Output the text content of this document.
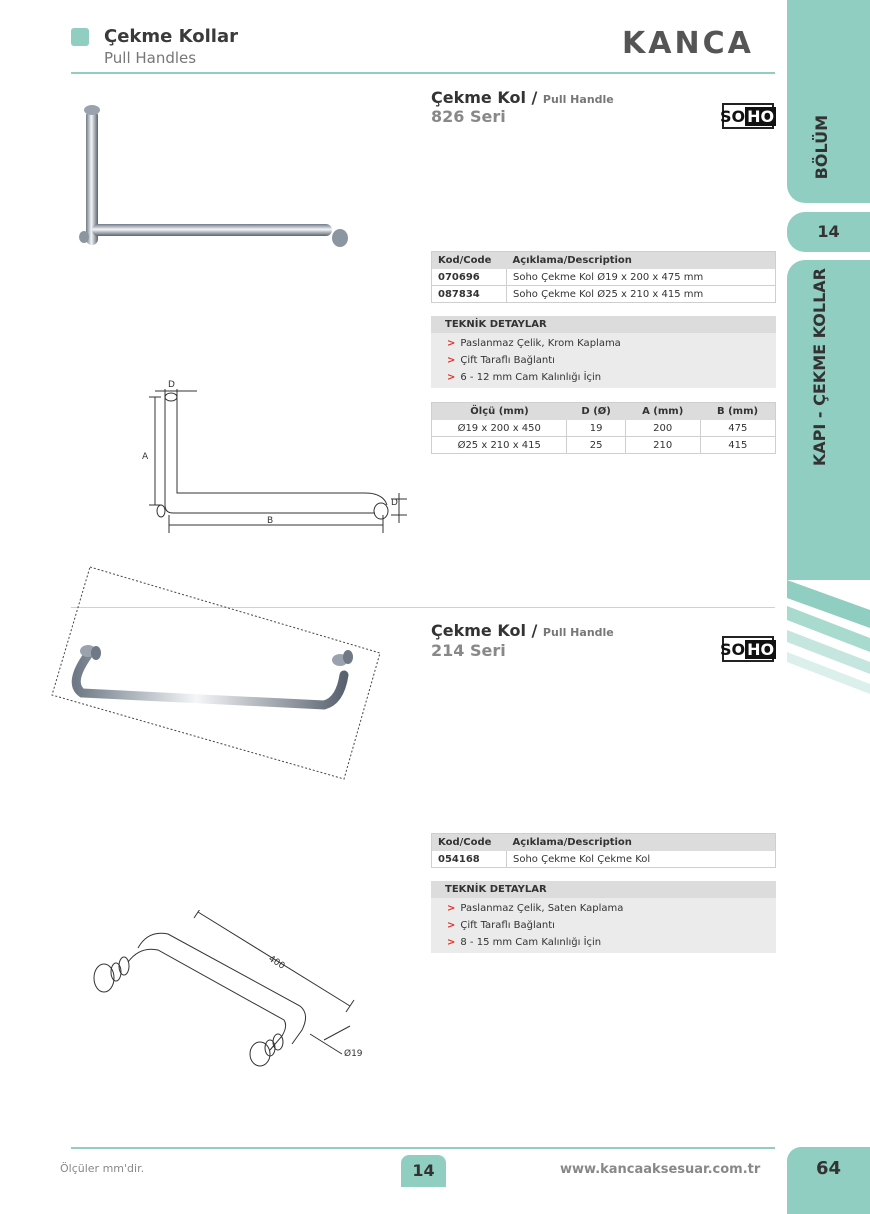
Çekme Kollar
Pull Handles	KANCA
BÖLÜM
14
KAPI - ÇEKME KOLLAR
Çekme Kol / Pull Handle
826 Seri	SO HO
Kod/Code	Açıklama/Description
070696	Soho Çekme Kol Ø19 x 200 x 475 mm
087834	Soho Çekme Kol Ø25 x 210 x 415 mm
TEKNİK DETAYLAR
> Paslanmaz Çelik, Krom Kaplama
> Çift Taraflı Bağlantı
> 6 - 12 mm Cam Kalınlığı İçin
Ölçü (mm)	D (Ø)	A (mm)	B (mm)
Ø19 x 200 x 450	19	200	475
Ø25 x 210 x 415	25	210	415
D
A
B
D
Çekme Kol / Pull Handle
214 Seri	SO HO
Kod/Code	Açıklama/Description
054168	Soho Çekme Kol Çekme Kol
TEKNİK DETAYLAR
> Paslanmaz Çelik, Saten Kaplama
> Çift Taraflı Bağlantı
> 8 - 15 mm Cam Kalınlığı İçin
400
Ø19
Ölçüler mm'dir.	14	www.kancaaksesuar.com.tr	64
